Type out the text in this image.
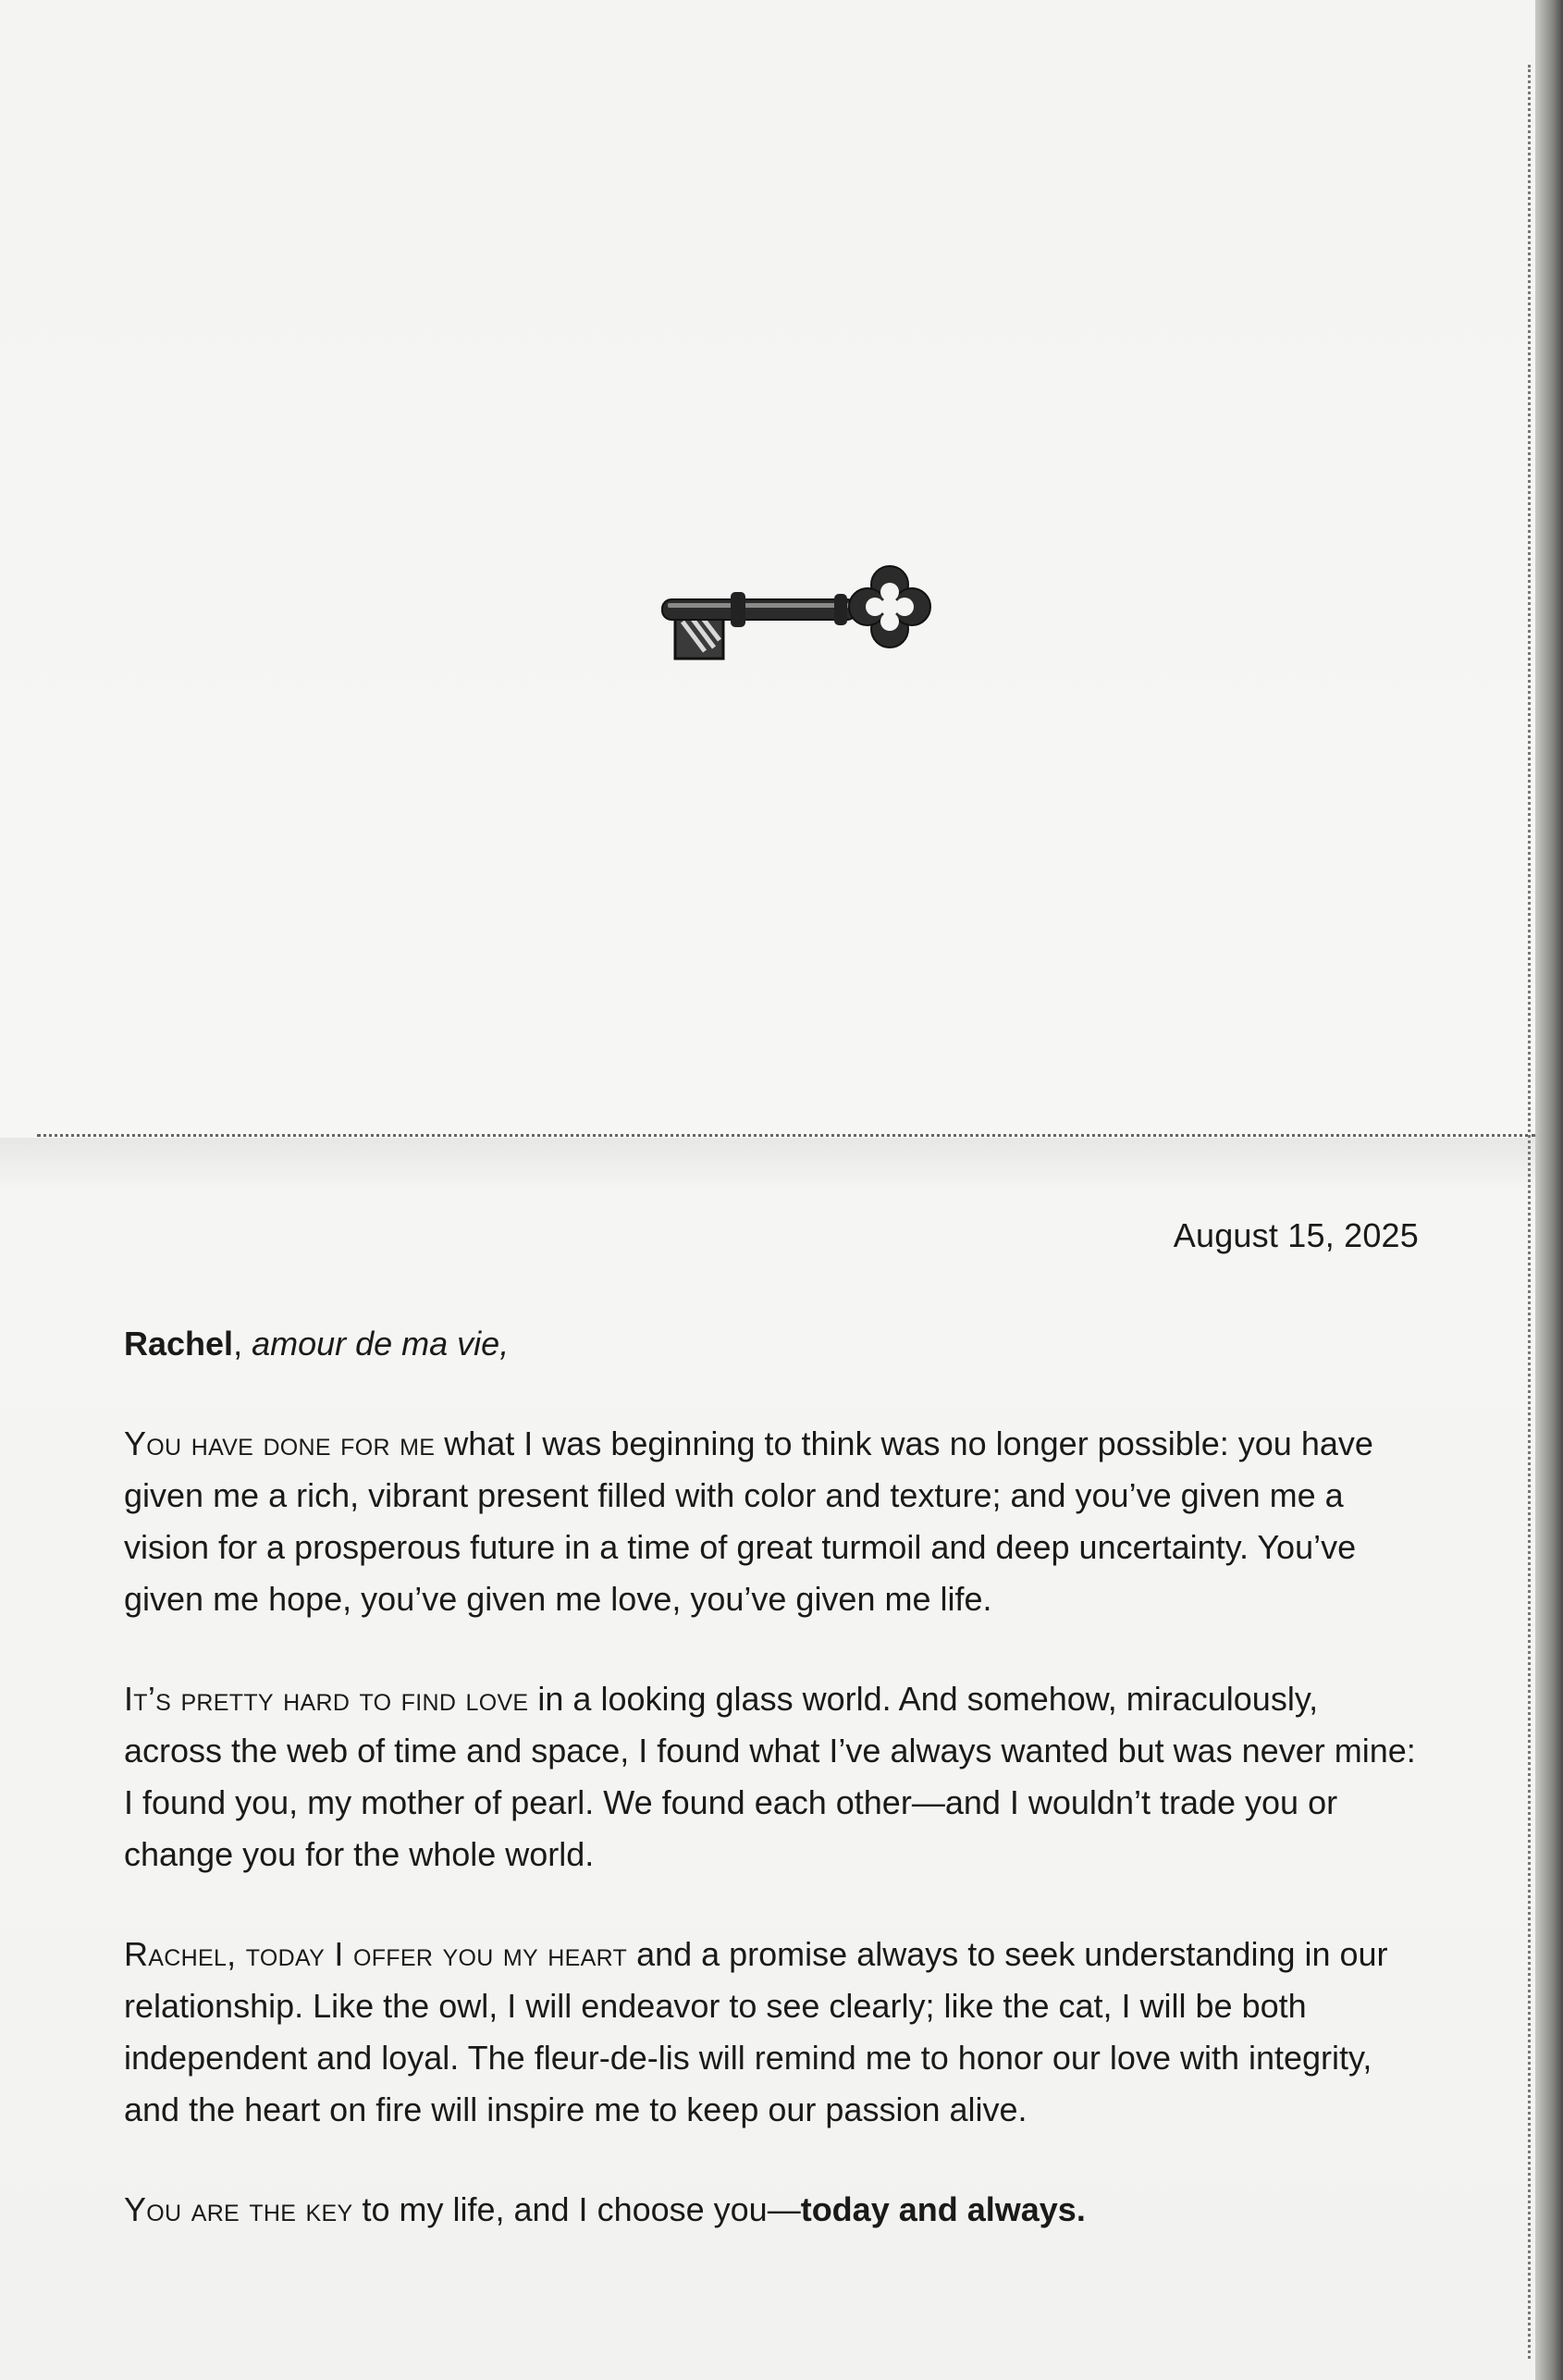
August 15, 2025
Rachel, amour de ma vie,

You have done for me what I was beginning to think was no longer possible: you have given me a rich, vibrant present filled with color and texture; and you’ve given me a vision for a prosperous future in a time of great turmoil and deep uncertainty. You’ve given me hope, you’ve given me love, you’ve given me life.

It’s pretty hard to find love in a looking glass world. And somehow, miraculously, across the web of time and space, I found what I’ve always wanted but was never mine: I found you, my mother of pearl. We found each other—and I wouldn’t trade you or change you for the whole world.

Rachel, today I offer you my heart and a promise always to seek understanding in our relationship. Like the owl, I will endeavor to see clearly; like the cat, I will be both independent and loyal. The fleur-de-lis will remind me to honor our love with integrity, and the heart on fire will inspire me to keep our passion alive.

You are the key to my life, and I choose you—today and always.
